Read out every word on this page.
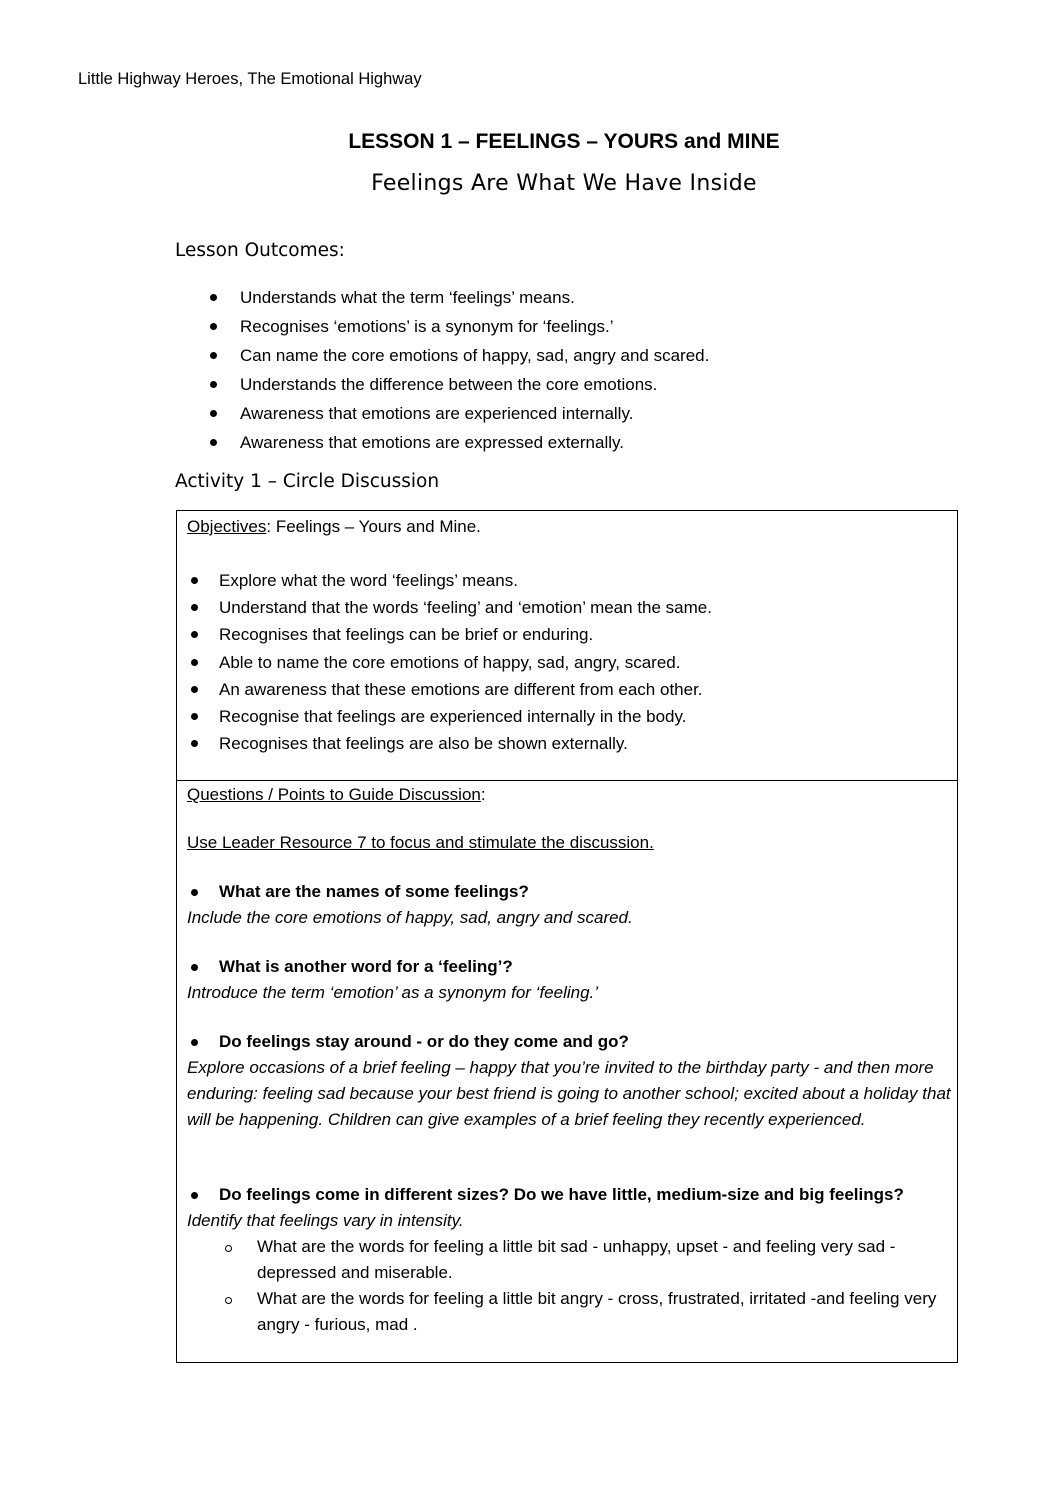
Little Highway Heroes, The Emotional Highway
LESSON 1 – FEELINGS – YOURS and MINE
Feelings Are What We Have Inside
Lesson Outcomes:
Understands what the term ‘feelings’ means.
Recognises ‘emotions’ is a synonym for ‘feelings.’
Can name the core emotions of happy, sad, angry and scared.
Understands the difference between the core emotions.
Awareness that emotions are experienced internally.
Awareness that emotions are expressed externally.
Activity 1 – Circle Discussion
Objectives: Feelings – Yours and Mine.
Explore what the word ‘feelings’ means.
Understand that the words ‘feeling’ and ‘emotion’ mean the same.
Recognises that feelings can be brief or enduring.
Able to name the core emotions of happy, sad, angry, scared.
An awareness that these emotions are different from each other.
Recognise that feelings are experienced internally in the body.
Recognises that feelings are also be shown externally.
Questions / Points to Guide Discussion:
Use Leader Resource 7 to focus and stimulate the discussion.
What are the names of some feelings?
Include the core emotions of happy, sad, angry and scared.
What is another word for a ‘feeling’?
Introduce the term ‘emotion’ as a synonym for ‘feeling.’
Do feelings stay around - or do they come and go?
Explore occasions of a brief feeling – happy that you’re invited to the birthday party - and then more enduring: feeling sad because your best friend is going to another school; excited about a holiday that will be happening. Children can give examples of a brief feeling they recently experienced.
Do feelings come in different sizes? Do we have little, medium-size and big feelings?
Identify that feelings vary in intensity.
What are the words for feeling a little bit sad - unhappy, upset - and feeling very sad - depressed and miserable.
What are the words for feeling a little bit angry - cross, frustrated, irritated -and feeling very angry - furious, mad .
